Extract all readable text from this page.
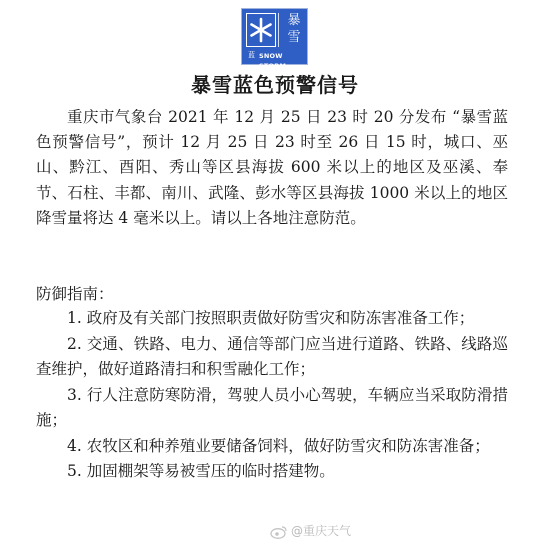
暴
雪
蓝 SNOW STORM
暴雪蓝色预警信号

重庆市气象台 2021 年 12 月 25 日 23 时 20 分发布 “暴雪蓝色预警信号”，预计 12 月 25 日 23 时至 26 日 15 时，城口、巫山、黔江、酉阳、秀山等区县海拔 600 米以上的地区及巫溪、奉节、石柱、丰都、南川、武隆、彭水等区县海拔 1000 米以上的地区降雪量将达 4 毫米以上。请以上各地注意防范。

防御指南：

1. 政府及有关部门按照职责做好防雪灾和防冻害准备工作；
2. 交通、铁路、电力、通信等部门应当进行道路、铁路、线路巡查维护，做好道路清扫和积雪融化工作；
3. 行人注意防寒防滑，驾驶人员小心驾驶，车辆应当采取防滑措施；
4. 农牧区和种养殖业要储备饲料，做好防雪灾和防冻害准备；
5. 加固棚架等易被雪压的临时搭建物。
@重庆天气
